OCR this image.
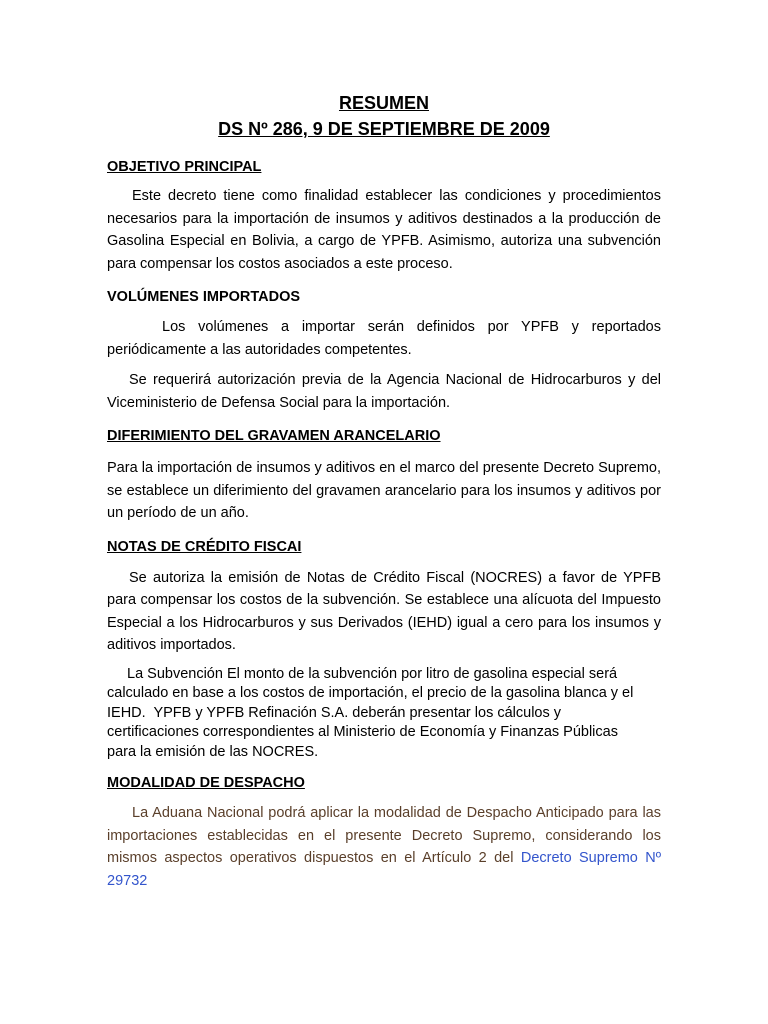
RESUMEN

DS Nº 286, 9 DE SEPTIEMBRE DE 2009

OBJETIVO PRINCIPAL

Este decreto tiene como finalidad establecer las condiciones y procedimientos necesarios para la importación de insumos y aditivos destinados a la producción de Gasolina Especial en Bolivia, a cargo de YPFB. Asimismo, autoriza una subvención para compensar los costos asociados a este proceso.

VOLÚMENES IMPORTADOS

Los volúmenes a importar serán definidos por YPFB y reportados periódicamente a las autoridades competentes.

Se requerirá autorización previa de la Agencia Nacional de Hidrocarburos y del Viceministerio de Defensa Social para la importación.

DIFERIMIENTO DEL GRAVAMEN ARANCELARIO

Para la importación de insumos y aditivos en el marco del presente Decreto Supremo, se establece un diferimiento del gravamen arancelario para los insumos y aditivos por un período de un año.

NOTAS DE CRÉDITO FISCAI

Se autoriza la emisión de Notas de Crédito Fiscal (NOCRES) a favor de YPFB para compensar los costos de la subvención. Se establece una alícuota del Impuesto Especial a los Hidrocarburos y sus Derivados (IEHD) igual a cero para los insumos y aditivos importados.

La Subvención El monto de la subvención por litro de gasolina especial será
calculado en base a los costos de importación, el precio de la gasolina blanca y el
IEHD.  YPFB y YPFB Refinación S.A. deberán presentar los cálculos y
certificaciones correspondientes al Ministerio de Economía y Finanzas Públicas
para la emisión de las NOCRES.

MODALIDAD DE DESPACHO

La Aduana Nacional podrá aplicar la modalidad de Despacho Anticipado para las importaciones establecidas en el presente Decreto Supremo, considerando los mismos aspectos operativos dispuestos en el Artículo 2 del Decreto Supremo Nº 29732
